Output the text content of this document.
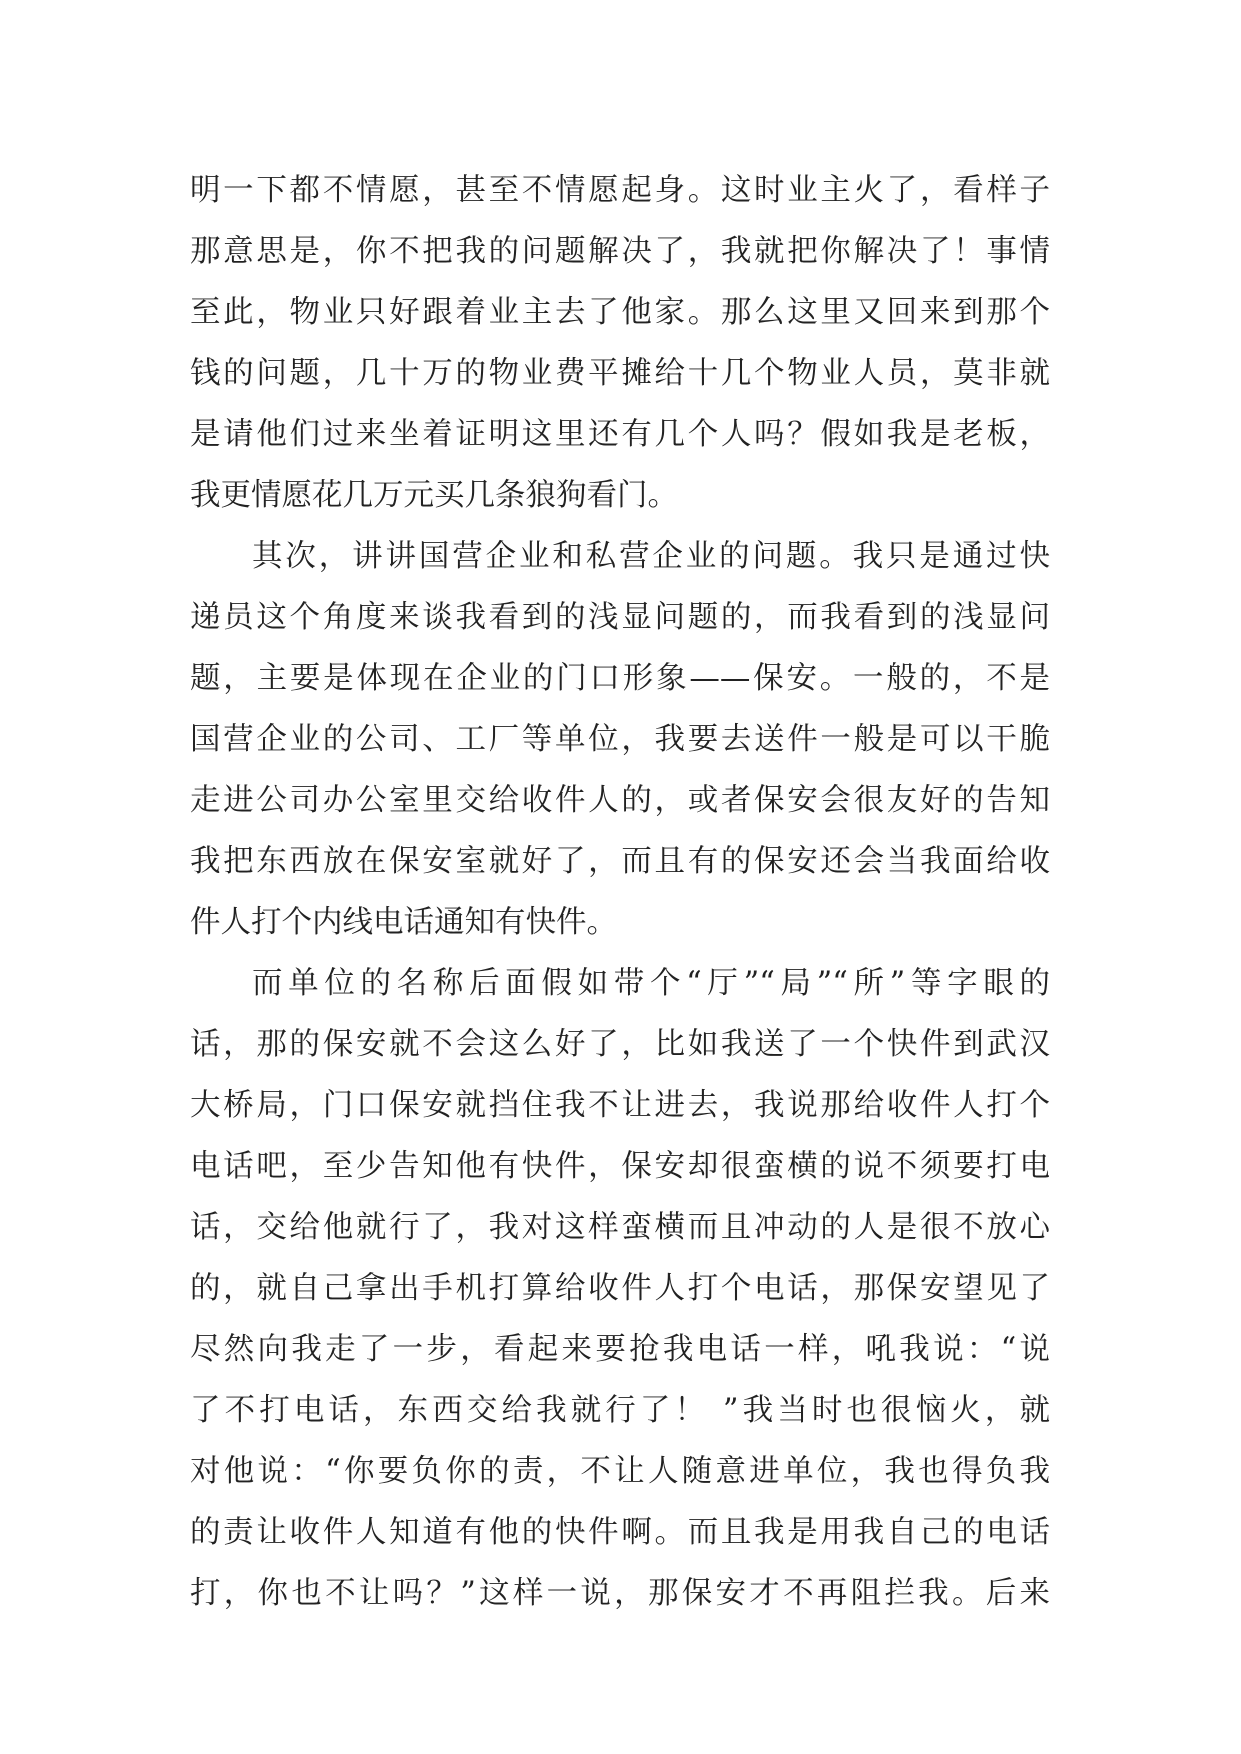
明一下都不情愿，甚至不情愿起身。这时业主火了，看样子
那意思是，你不把我的问题解决了，我就把你解决了！事情
至此，物业只好跟着业主去了他家。那么这里又回来到那个
钱的问题，几十万的物业费平摊给十几个物业人员，莫非就
是请他们过来坐着证明这里还有几个人吗？假如我是老板，
我更情愿花几万元买几条狼狗看门。
其次，讲讲国营企业和私营企业的问题。我只是通过快
递员这个角度来谈我看到的浅显问题的，而我看到的浅显问
题，主要是体现在企业的门口形象——保安。一般的，不是
国营企业的公司、工厂等单位，我要去送件一般是可以干脆
走进公司办公室里交给收件人的，或者保安会很友好的告知
我把东西放在保安室就好了，而且有的保安还会当我面给收
件人打个内线电话通知有快件。
而单位的名称后面假如带个“厅”“局”“所”等字眼的
话，那的保安就不会这么好了，比如我送了一个快件到武汉
大桥局，门口保安就挡住我不让进去，我说那给收件人打个
电话吧，至少告知他有快件，保安却很蛮横的说不须要打电
话，交给他就行了，我对这样蛮横而且冲动的人是很不放心
的，就自己拿出手机打算给收件人打个电话，那保安望见了
尽然向我走了一步，看起来要抢我电话一样，吼我说：“说
了不打电话，东西交给我就行了！ ”我当时也很恼火，就
对他说：“你要负你的责，不让人随意进单位，我也得负我
的责让收件人知道有他的快件啊。而且我是用我自己的电话
打，你也不让吗？”这样一说，那保安才不再阻拦我。后来
